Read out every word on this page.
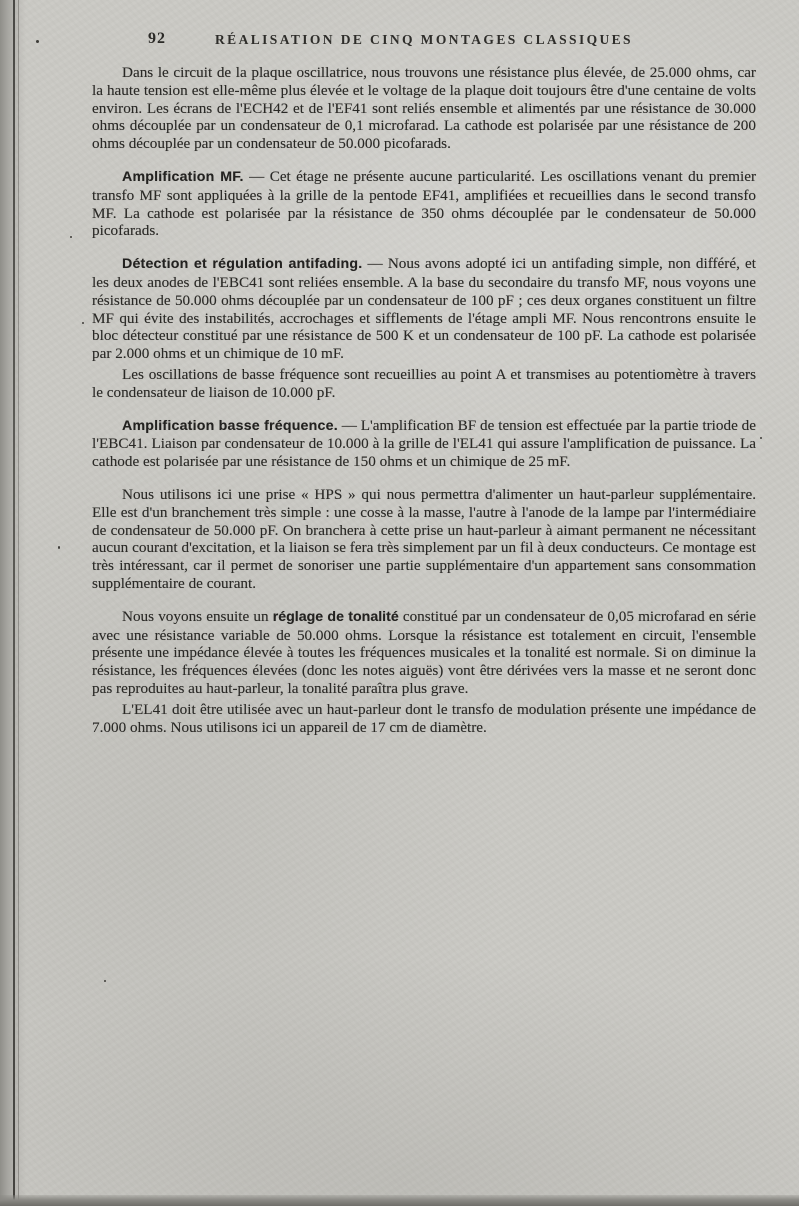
92	RÉALISATION DE CINQ MONTAGES CLASSIQUES

Dans le circuit de la plaque oscillatrice, nous trouvons une résistance plus élevée, de 25.000 ohms, car la haute tension est elle-même plus élevée et le voltage de la plaque doit toujours être d'une centaine de volts environ. Les écrans de l'ECH42 et de l'EF41 sont reliés ensemble et alimentés par une résistance de 30.000 ohms découplée par un condensateur de 0,1 microfarad. La cathode est polarisée par une résistance de 200 ohms découplée par un condensateur de 50.000 picofarads.

Amplification MF. — Cet étage ne présente aucune particularité. Les oscillations venant du premier transfo MF sont appliquées à la grille de la pentode EF41, amplifiées et recueillies dans le second transfo MF. La cathode est polarisée par la résistance de 350 ohms découplée par le condensateur de 50.000 picofarads.

Détection et régulation antifading. — Nous avons adopté ici un antifading simple, non différé, et les deux anodes de l'EBC41 sont reliées ensemble. A la base du secondaire du transfo MF, nous voyons une résistance de 50.000 ohms découplée par un condensateur de 100 pF ; ces deux organes constituent un filtre MF qui évite des instabilités, accrochages et sifflements de l'étage ampli MF. Nous rencontrons ensuite le bloc détecteur constitué par une résistance de 500 K et un condensateur de 100 pF. La cathode est polarisée par 2.000 ohms et un chimique de 10 mF.

Les oscillations de basse fréquence sont recueillies au point A et transmises au potentiomètre à travers le condensateur de liaison de 10.000 pF.

Amplification basse fréquence. — L'amplification BF de tension est effectuée par la partie triode de l'EBC41. Liaison par condensateur de 10.000 à la grille de l'EL41 qui assure l'amplification de puissance. La cathode est polarisée par une résistance de 150 ohms et un chimique de 25 mF.

Nous utilisons ici une prise « HPS » qui nous permettra d'alimenter un haut-parleur supplémentaire. Elle est d'un branchement très simple : une cosse à la masse, l'autre à l'anode de la lampe par l'intermédiaire de condensateur de 50.000 pF. On branchera à cette prise un haut-parleur à aimant permanent ne nécessitant aucun courant d'excitation, et la liaison se fera très simplement par un fil à deux conducteurs. Ce montage est très intéressant, car il permet de sonoriser une partie supplémentaire d'un appartement sans consommation supplémentaire de courant.

Nous voyons ensuite un réglage de tonalité constitué par un condensateur de 0,05 microfarad en série avec une résistance variable de 50.000 ohms. Lorsque la résistance est totalement en circuit, l'ensemble présente une impédance élevée à toutes les fréquences musicales et la tonalité est normale. Si on diminue la résistance, les fréquences élevées (donc les notes aiguës) vont être dérivées vers la masse et ne seront donc pas reproduites au haut-parleur, la tonalité paraîtra plus grave.

L'EL41 doit être utilisée avec un haut-parleur dont le transfo de modulation présente une impédance de 7.000 ohms. Nous utilisons ici un appareil de 17 cm de diamètre.
